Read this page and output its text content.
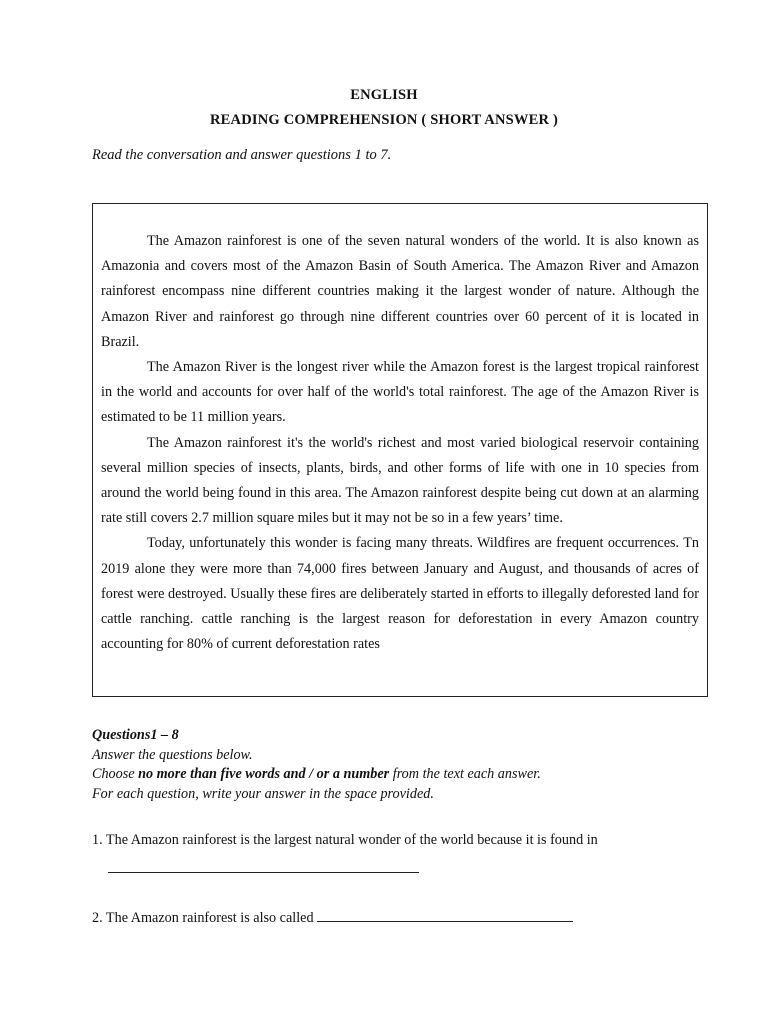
ENGLISH
READING COMPREHENSION ( SHORT ANSWER )
Read the conversation and answer questions 1 to 7.

The Amazon rainforest is one of the seven natural wonders of the world. It is also known as Amazonia and covers most of the Amazon Basin of South America. The Amazon River and Amazon rainforest encompass nine different countries making it the largest wonder of nature. Although the Amazon River and rainforest go through nine different countries over 60 percent of it is located in Brazil.

The Amazon River is the longest river while the Amazon forest is the largest tropical rainforest in the world and accounts for over half of the world's total rainforest. The age of the Amazon River is estimated to be 11 million years.

The Amazon rainforest it's the world's richest and most varied biological reservoir containing several million species of insects, plants, birds, and other forms of life with one in 10 species from around the world being found in this area. The Amazon rainforest despite being cut down at an alarming rate still covers 2.7 million square miles but it may not be so in a few years’ time.

Today, unfortunately this wonder is facing many threats. Wildfires are frequent occurrences. Tn 2019 alone they were more than 74,000 fires between January and August, and thousands of acres of forest were destroyed. Usually these fires are deliberately started in efforts to illegally deforested land for cattle ranching. cattle ranching is the largest reason for deforestation in every Amazon country accounting for 80% of current deforestation rates

Questions1 – 8
Answer the questions below.
Choose no more than five words and / or a number from the text each answer.
For each question, write your answer in the space provided.
1. The Amazon rainforest is the largest natural wonder of the world because it is found in
2. The Amazon rainforest is also called
